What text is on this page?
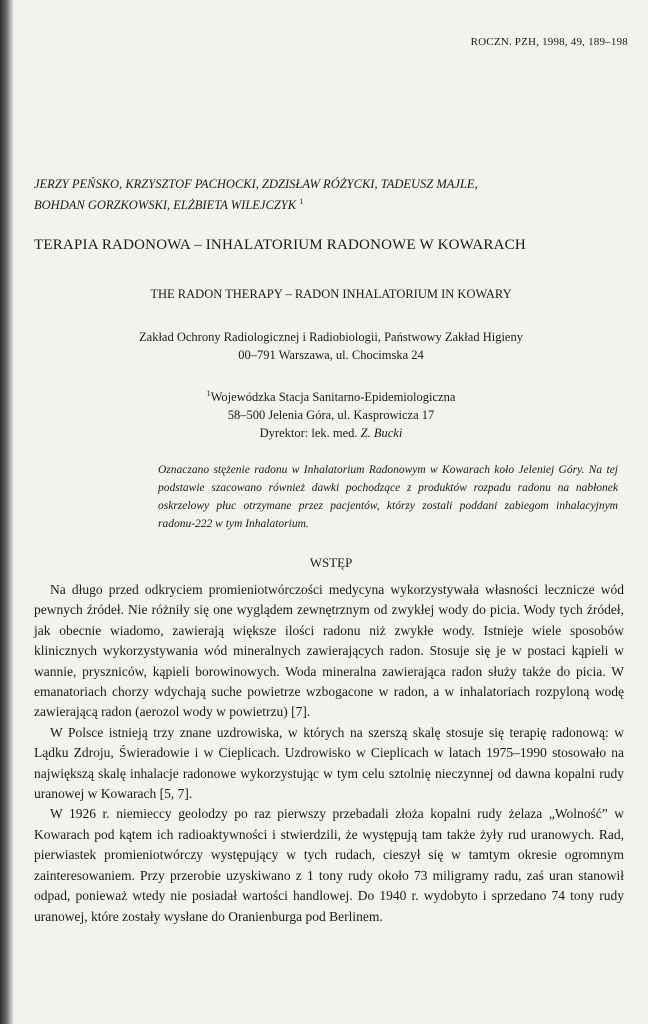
ROCZN. PZH, 1998, 49, 189–198
JERZY PEŃSKO, KRZYSZTOF PACHOCKI, ZDZISŁAW RÓŻYCKI, TADEUSZ MAJLE,
BOHDAN GORZKOWSKI, ELŻBIETA WILEJCZYK $^1$
TERAPIA RADONOWA – INHALATORIUM RADONOWE W KOWARACH
THE RADON THERAPY – RADON INHALATORIUM IN KOWARY
Zakład Ochrony Radiologicznej i Radiobiologii, Państwowy Zakład Higieny
00–791 Warszawa, ul. Chocimska 24
$^1$Wojewódzka Stacja Sanitarno-Epidemiologiczna
58–500 Jelenia Góra, ul. Kasprowicza 17
Dyrektor: lek. med. Z. Bucki
Oznaczano stężenie radonu w Inhalatorium Radonowym w Kowarach koło Jeleniej Góry. Na tej podstawie szacowano również dawki pochodzące z produktów rozpadu radonu na nabłonek oskrzelowy płuc otrzymane przez pacjentów, którzy zostali poddani zabiegom inhalacyjnym radonu-222 w tym Inhalatorium.
WSTĘP

Na długo przed odkryciem promieniotwórczości medycyna wykorzystywała własności lecznicze wód pewnych źródeł. Nie różniły się one wyglądem zewnętrznym od zwykłej wody do picia. Wody tych źródeł, jak obecnie wiadomo, zawierają większe ilości radonu niż zwykłe wody. Istnieje wiele sposobów klinicznych wykorzystywania wód mineralnych zawierających radon. Stosuje się je w postaci kąpieli w wannie, pryszniców, kąpieli borowinowych. Woda mineralna zawierająca radon służy także do picia. W emanatoriach chorzy wdychają suche powietrze wzbogacone w radon, a w inhalatoriach rozpyloną wodę zawierającą radon (aerozol wody w powietrzu) [7].

W Polsce istnieją trzy znane uzdrowiska, w których na szerszą skalę stosuje się terapię radonową: w Lądku Zdroju, Świeradowie i w Cieplicach. Uzdrowisko w Cieplicach w latach 1975–1990 stosowało na największą skalę inhalacje radonowe wykorzystując w tym celu sztolnię nieczynnej od dawna kopalni rudy uranowej w Kowarach [5, 7].

W 1926 r. niemieccy geolodzy po raz pierwszy przebadali złoża kopalni rudy żelaza „Wolność” w Kowarach pod kątem ich radioaktywności i stwierdzili, że występują tam także żyły rud uranowych. Rad, pierwiastek promieniotwórczy występujący w tych rudach, cieszył się w tamtym okresie ogromnym zainteresowaniem. Przy przerobie uzyskiwano z 1 tony rudy około 73 miligramy radu, zaś uran stanowił odpad, ponieważ wtedy nie posiadał wartości handlowej. Do 1940 r. wydobyto i sprzedano 74 tony rudy uranowej, które zostały wysłane do Oranienburga pod Berlinem.
